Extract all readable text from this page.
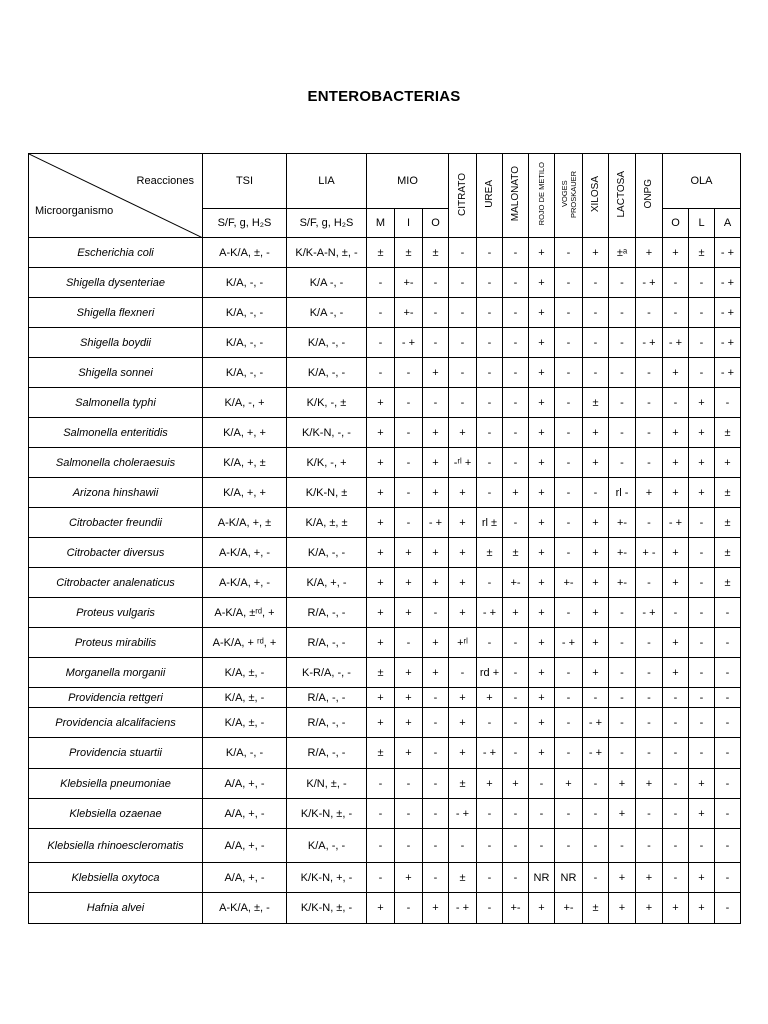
ENTEROBACTERIAS
Reacciones
Microorganismo	TSI	LIA	MIO			CITRATO	UREA	MALONATO	ROJO DE METILO	VOGES PROSKAUER	XILOSA	LACTOSA	ONPG	OLA		
	S/F, g, H₂S	S/F, g, H₂S	M	I	O									O	L	A
Escherichia coli	A-K/A, ±, -	K/K-A-N, ±, -	±	±	±	-	-	-	+	-	+	±ᵃ	+	+	±	- +
Shigella dysenteriae	K/A, -, -	K/A -, -	-	+-	-	-	-	-	+	-	-	-	- +	-	-	- +
Shigella flexneri	K/A, -, -	K/A -, -	-	+-	-	-	-	-	+	-	-	-	-	-	-	- +
Shigella boydii	K/A, -, -	K/A, -, -	-	- +	-	-	-	-	+	-	-	-	- +	- +	-	- +
Shigella sonnei	K/A, -, -	K/A, -, -	-	-	+	-	-	-	+	-	-	-	-	+	-	- +
Salmonella typhi	K/A, -, +	K/K, -, ±	+	-	-	-	-	-	+	-	±	-	-	-	+	-
Salmonella enteritidis	K/A, +, +	K/K-N, -, -	+	-	+	+	-	-	+	-	+	-	-	+	+	±
Salmonella choleraesuis	K/A, +, ±	K/K, -, +	+	-	+	-ʳˡ +	-	-	+	-	+	-	-	+	+	+
Arizona hinshawii	K/A, +, +	K/K-N, ±	+	-	+	+	-	+	+	-	-	rl -	+	+	+	±
Citrobacter freundii	A-K/A, +, ±	K/A, ±, ±	+	-	- +	+	rl ±	-	+	-	+	+-	-	- +	-	±
Citrobacter diversus	A-K/A, +, -	K/A, -, -	+	+	+	+	±	±	+	-	+	+-	+ -	+	-	±
Citrobacter analenaticus	A-K/A, +, -	K/A, +, -	+	+	+	+	-	+-	+	+-	+	+-	-	+	-	±
Proteus vulgaris	A-K/A, ±ʳᵈ, +	R/A, -, -	+	+	-	+	- +	+	+	-	+	-	- +	-	-	-
Proteus mirabilis	A-K/A, + ʳᵈ, +	R/A, -, -	+	-	+	+ʳˡ	-	-	+	- +	+	-	-	+	-	-
Morganella morganii	K/A, ±, -	K-R/A, -, -	±	+	+	-	rd +	-	+	-	+	-	-	+	-	-
Providencia rettgeri	K/A, ±, -	R/A, -, -	+	+	-	+	+	-	+	-	-	-	-	-	-	-
Providencia alcalifaciens	K/A, ±, -	R/A, -, -	+	+	-	+	-	-	+	-	- +	-	-	-	-	-
Providencia stuartii	K/A, -, -	R/A, -, -	±	+	-	+	- +	-	+	-	- +	-	-	-	-	-
Klebsiella pneumoniae	A/A, +, -	K/N, ±, -	-	-	-	±	+	+	-	+	-	+	+	-	+	-
Klebsiella ozaenae	A/A, +, -	K/K-N, ±, -	-	-	-	- +	-	-	-	-	-	+	-	-	+	-
Klebsiella rhinoescleromatis	A/A, +, -	K/A, -, -	-	-	-	-	-	-	-	-	-	-	-	-	-	-
Klebsiella oxytoca	A/A, +, -	K/K-N, +, -	-	+	-	±	-	-	NR	NR	-	+	+	-	+	-
Hafnia alvei	A-K/A, ±, -	K/K-N, ±, -	+	-	+	- +	-	+-	+	+-	±	+	+	+	+	-
